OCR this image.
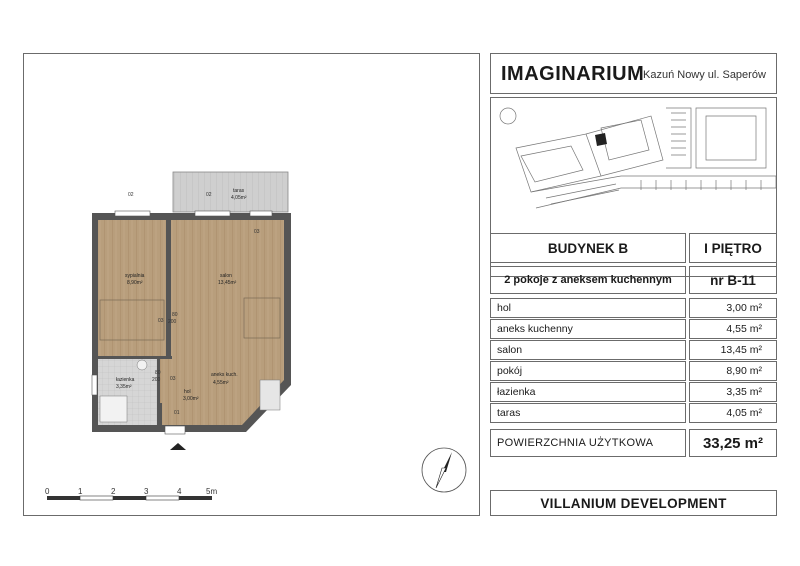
sypialnia
8,90m²
salon
13,45m²
taras
4,05m²
łazienka
3,35m²
hol
3,00m²
aneks kuch.
4,55m²
02	02
80
200
80
200
01
03
03
03
0	1	2	3	4	5m
IMAGINARIUM
Kazuń Nowy ul. Saperów
BUDYNEK B	I PIĘTRO
2 pokoje z aneksem kuchennym	nr B-11
hol	3,00 m²
aneks kuchenny	4,55 m²
salon	13,45 m²
pokój	8,90 m²
łazienka	3,35 m²
taras	4,05 m²
POWIERZCHNIA UŻYTKOWA	33,25 m²
VILLANIUM DEVELOPMENT
